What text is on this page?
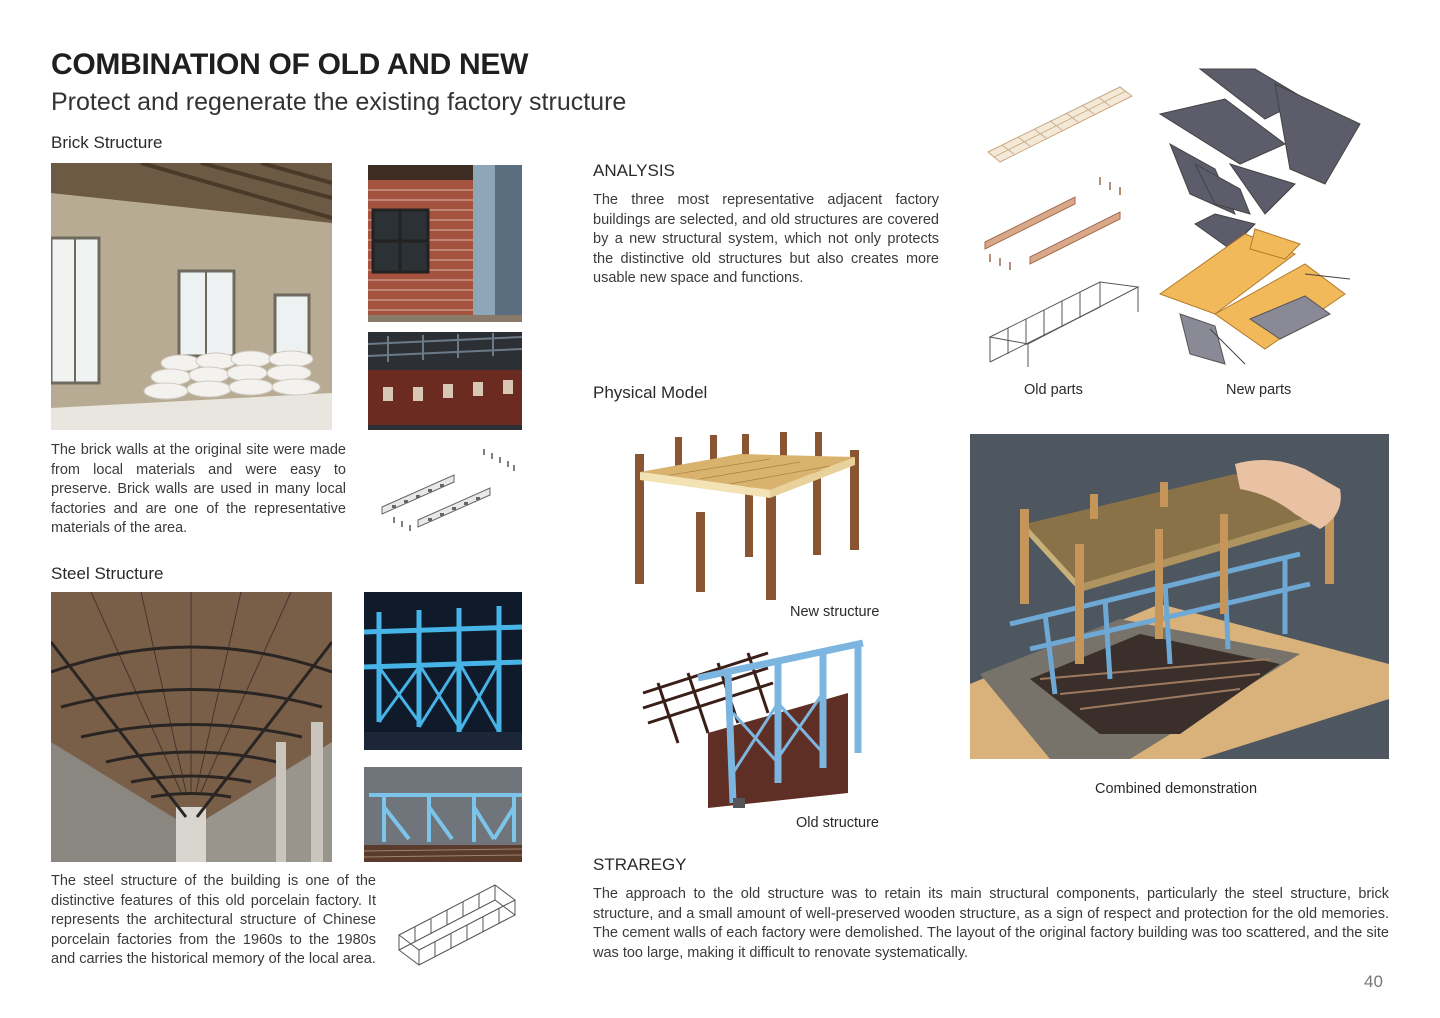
COMBINATION OF OLD AND NEW
Protect and regenerate the existing factory structure
Brick Structure
The brick walls at the original site were made from local materials and were easy to preserve. Brick walls are used in many local factories and are one of the representative materials of the area.
Steel Structure
The steel structure of the building is one of the distinctive features of this old porcelain factory. It represents the architectural structure of Chinese porcelain factories from the 1960s to the 1980s and carries the historical memory of the local area.
ANALYSIS
The three most representative adjacent factory buildings are selected, and old structures are covered by a new structural system, which not only protects the distinctive old structures but also creates more usable new space and functions.
Old parts	New parts
Physical Model
New structure
Old structure
Combined demonstration
STRAREGY
The approach to the old structure was to retain its main structural components, particularly the steel structure, brick structure, and a small amount of well-preserved wooden structure, as a sign of respect and protection for the old memories. The cement walls of each factory were demolished. The layout of the original factory building was too scattered, and the site was too large, making it difficult to renovate systematically.
40
